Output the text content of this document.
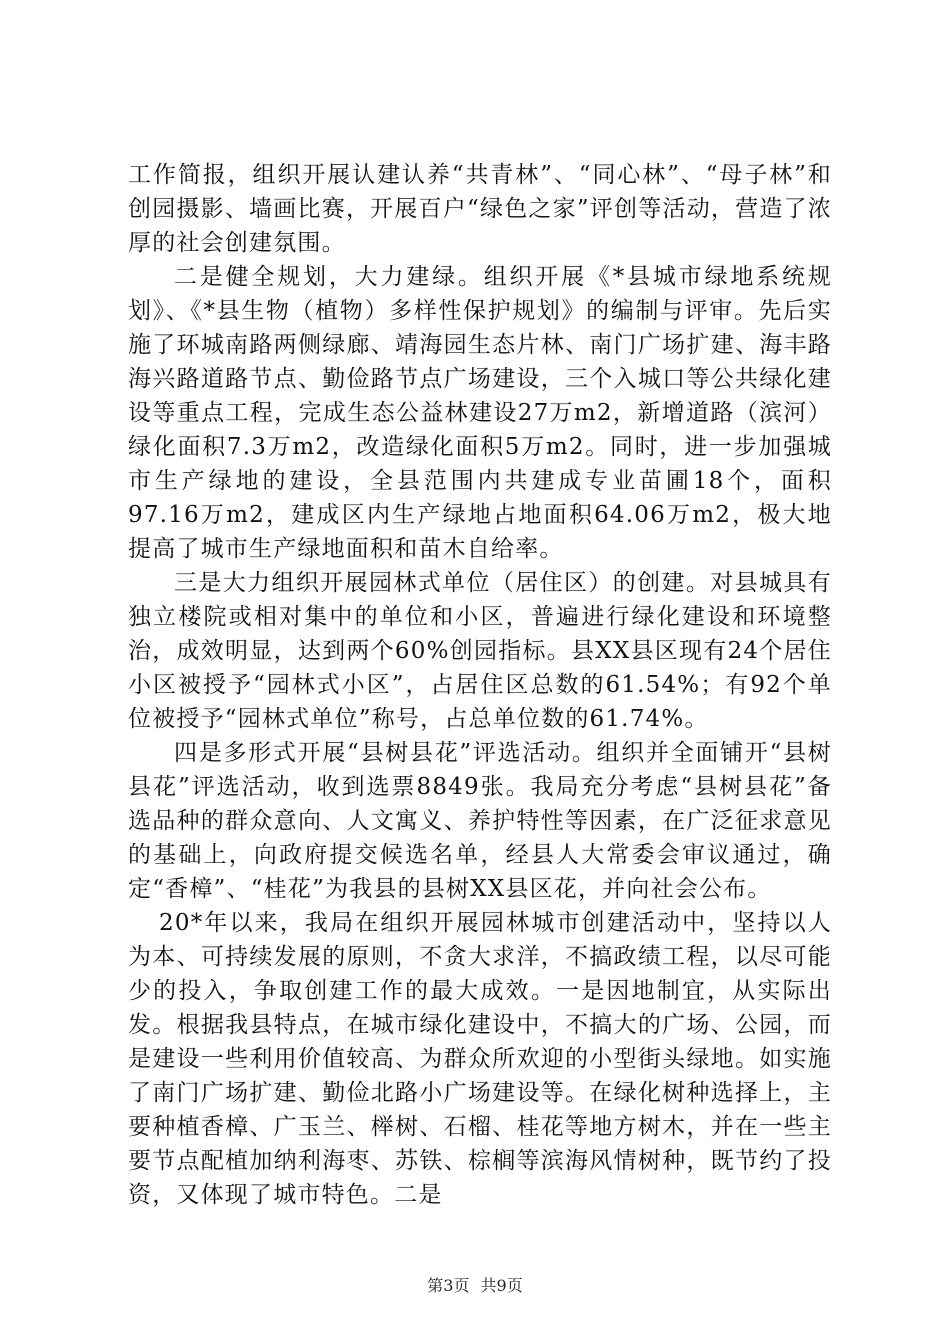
工作简报，组织开展认建认养“共青林”、“同心林”、“母子林”和创园摄影、墙画比赛，开展百户“绿色之家”评创等活动，营造了浓厚的社会创建氛围。

二是健全规划，大力建绿。组织开展《*县城市绿地系统规划》、《*县生物（植物）多样性保护规划》的编制与评审。先后实施了环城南路两侧绿廊、靖海园生态片林、南门广场扩建、海丰路海兴路道路节点、勤俭路节点广场建设，三个入城口等公共绿化建设等重点工程，完成生态公益林建设27万m2，新增道路（滨河）绿化面积7.3万m2，改造绿化面积5万m2。同时，进一步加强城市生产绿地的建设，全县范围内共建成专业苗圃18个，面积97.16万m2，建成区内生产绿地占地面积64.06万m2，极大地提高了城市生产绿地面积和苗木自给率。

三是大力组织开展园林式单位（居住区）的创建。对县城具有独立楼院或相对集中的单位和小区，普遍进行绿化建设和环境整治，成效明显，达到两个60%创园指标。县XX县区现有24个居住小区被授予“园林式小区”，占居住区总数的61.54%；有92个单位被授予“园林式单位”称号，占总单位数的61.74%。

四是多形式开展“县树县花”评选活动。组织并全面铺开“县树县花”评选活动，收到选票8849张。我局充分考虑“县树县花”备选品种的群众意向、人文寓义、养护特性等因素，在广泛征求意见的基础上，向政府提交候选名单，经县人大常委会审议通过，确定“香樟”、“桂花”为我县的县树XX县区花，并向社会公布。

20*年以来，我局在组织开展园林城市创建活动中，坚持以人为本、可持续发展的原则，不贪大求洋，不搞政绩工程，以尽可能少的投入，争取创建工作的最大成效。一是因地制宜，从实际出发。根据我县特点，在城市绿化建设中，不搞大的广场、公园，而是建设一些利用价值较高、为群众所欢迎的小型街头绿地。如实施了南门广场扩建、勤俭北路小广场建设等。在绿化树种选择上，主要种植香樟、广玉兰、榉树、石榴、桂花等地方树木，并在一些主要节点配植加纳利海枣、苏铁、棕榈等滨海风情树种，既节约了投资，又体现了城市特色。二是

第3页 共9页
